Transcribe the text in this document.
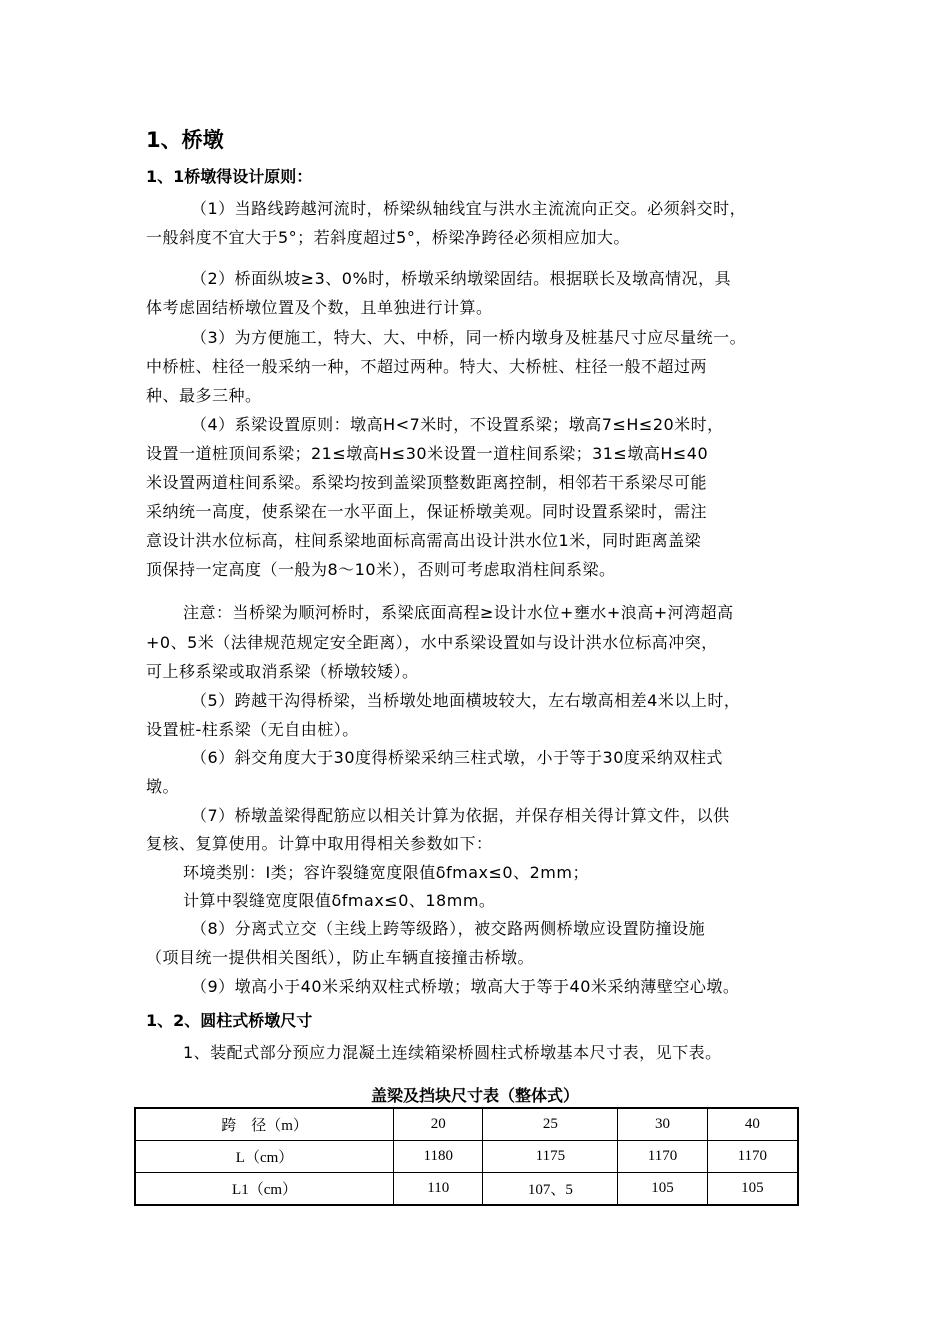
1、桥墩
1、1桥墩得设计原则：
（1）当路线跨越河流时，桥梁纵轴线宜与洪水主流流向正交。必须斜交时，
一般斜度不宜大于5°；若斜度超过5°，桥梁净跨径必须相应加大。
（2）桥面纵坡≥3、0%时，桥墩采纳墩梁固结。根据联长及墩高情况，具
体考虑固结桥墩位置及个数，且单独进行计算。
（3）为方便施工，特大、大、中桥，同一桥内墩身及桩基尺寸应尽量统一。
中桥桩、柱径一般采纳一种，不超过两种。特大、大桥桩、柱径一般不超过两
种、最多三种。
（4）系梁设置原则：墩高H<7米时，不设置系梁；墩高7≤H≤20米时，
设置一道桩顶间系梁；21≤墩高H≤30米设置一道柱间系梁；31≤墩高H≤40
米设置两道柱间系梁。系梁均按到盖梁顶整数距离控制，相邻若干系梁尽可能
采纳统一高度，使系梁在一水平面上，保证桥墩美观。同时设置系梁时，需注
意设计洪水位标高，柱间系梁地面标高需高出设计洪水位1米，同时距离盖梁
顶保持一定高度（一般为8～10米），否则可考虑取消柱间系梁。
注意：当桥梁为顺河桥时，系梁底面高程≥设计水位+壅水+浪高+河湾超高
+0、5米（法律规范规定安全距离），水中系梁设置如与设计洪水位标高冲突，
可上移系梁或取消系梁（桥墩较矮）。
（5）跨越干沟得桥梁，当桥墩处地面横坡较大，左右墩高相差4米以上时，
设置桩-柱系梁（无自由桩）。
（6）斜交角度大于30度得桥梁采纳三柱式墩，小于等于30度采纳双柱式
墩。
（7）桥墩盖梁得配筋应以相关计算为依据，并保存相关得计算文件，以供
复核、复算使用。计算中取用得相关参数如下：
环境类别：Ⅰ类；容许裂缝宽度限值δfmax≤0、2mm；
计算中裂缝宽度限值δfmax≤0、18mm。
（8）分离式立交（主线上跨等级路），被交路两侧桥墩应设置防撞设施
（项目统一提供相关图纸），防止车辆直接撞击桥墩。
（9）墩高小于40米采纳双柱式桥墩；墩高大于等于40米采纳薄壁空心墩。
1、2、圆柱式桥墩尺寸
1、装配式部分预应力混凝土连续箱梁桥圆柱式桥墩基本尺寸表，见下表。
盖梁及挡块尺寸表（整体式）
跨　径（m）	20	25	30	40
L（cm）	1180	1175	1170	1170
L1（cm）	110	107、5	105	105
